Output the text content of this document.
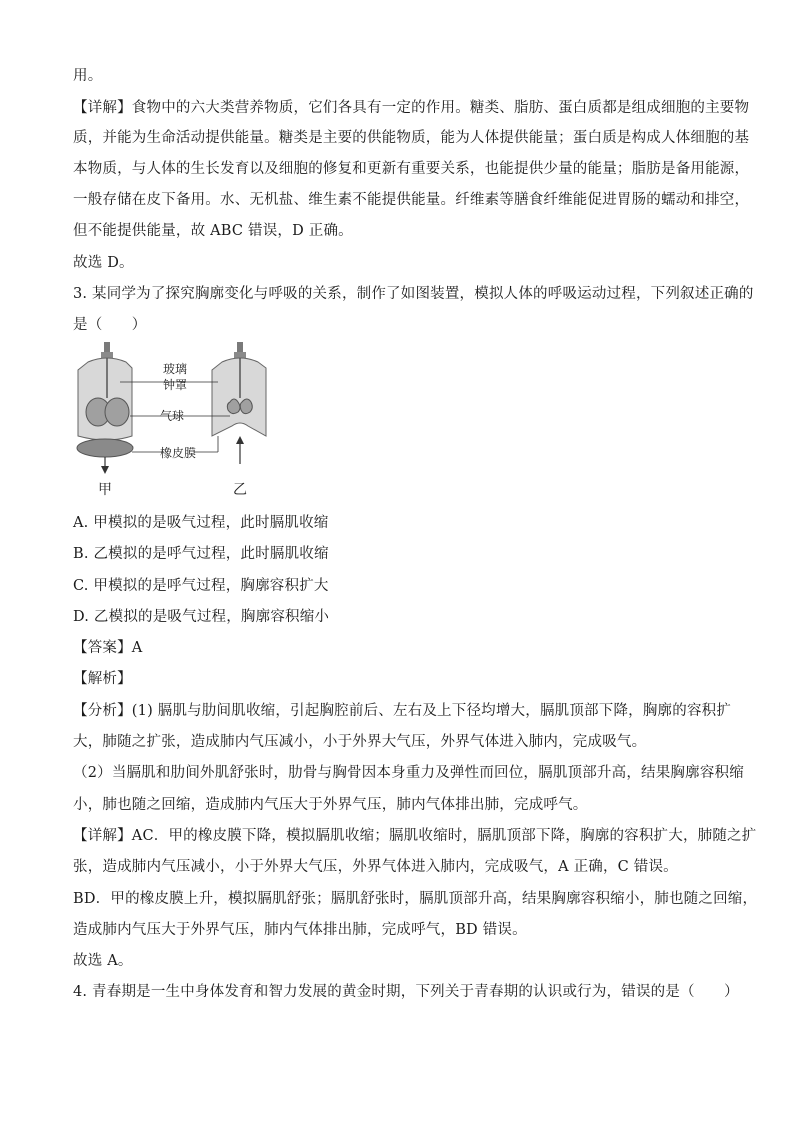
用。
【详解】食物中的六大类营养物质，它们各具有一定的作用。糖类、脂肪、蛋白质都是组成细胞的主要物
质，并能为生命活动提供能量。糖类是主要的供能物质，能为人体提供能量；蛋白质是构成人体细胞的基
本物质，与人体的生长发育以及细胞的修复和更新有重要关系，也能提供少量的能量；脂肪是备用能源，
一般存储在皮下备用。水、无机盐、维生素不能提供能量。纤维素等膳食纤维能促进胃肠的蠕动和排空，
但不能提供能量，故 ABC 错误，D 正确。
故选 D。
3. 某同学为了探究胸廓变化与呼吸的关系，制作了如图装置，模拟人体的呼吸运动过程，下列叙述正确的
是（　　）
玻璃
钟罩
气球
橡皮膜
甲	乙
A. 甲模拟的是吸气过程，此时膈肌收缩
B. 乙模拟的是呼气过程，此时膈肌收缩
C. 甲模拟的是呼气过程，胸廓容积扩大
D. 乙模拟的是吸气过程，胸廓容积缩小
【答案】A
【解析】
【分析】(1) 膈肌与肋间肌收缩，引起胸腔前后、左右及上下径均增大，膈肌顶部下降，胸廓的容积扩
大，肺随之扩张，造成肺内气压减小，小于外界大气压，外界气体进入肺内，完成吸气。
（2）当膈肌和肋间外肌舒张时，肋骨与胸骨因本身重力及弹性而回位，膈肌顶部升高，结果胸廓容积缩
小，肺也随之回缩，造成肺内气压大于外界气压，肺内气体排出肺，完成呼气。
【详解】AC．甲的橡皮膜下降，模拟膈肌收缩；膈肌收缩时，膈肌顶部下降，胸廓的容积扩大，肺随之扩
张，造成肺内气压减小，小于外界大气压，外界气体进入肺内，完成吸气，A 正确，C 错误。
BD．甲的橡皮膜上升，模拟膈肌舒张；膈肌舒张时，膈肌顶部升高，结果胸廓容积缩小，肺也随之回缩，
造成肺内气压大于外界气压，肺内气体排出肺，完成呼气，BD 错误。
故选 A。
4. 青春期是一生中身体发育和智力发展的黄金时期，下列关于青春期的认识或行为，错误的是（　　）
